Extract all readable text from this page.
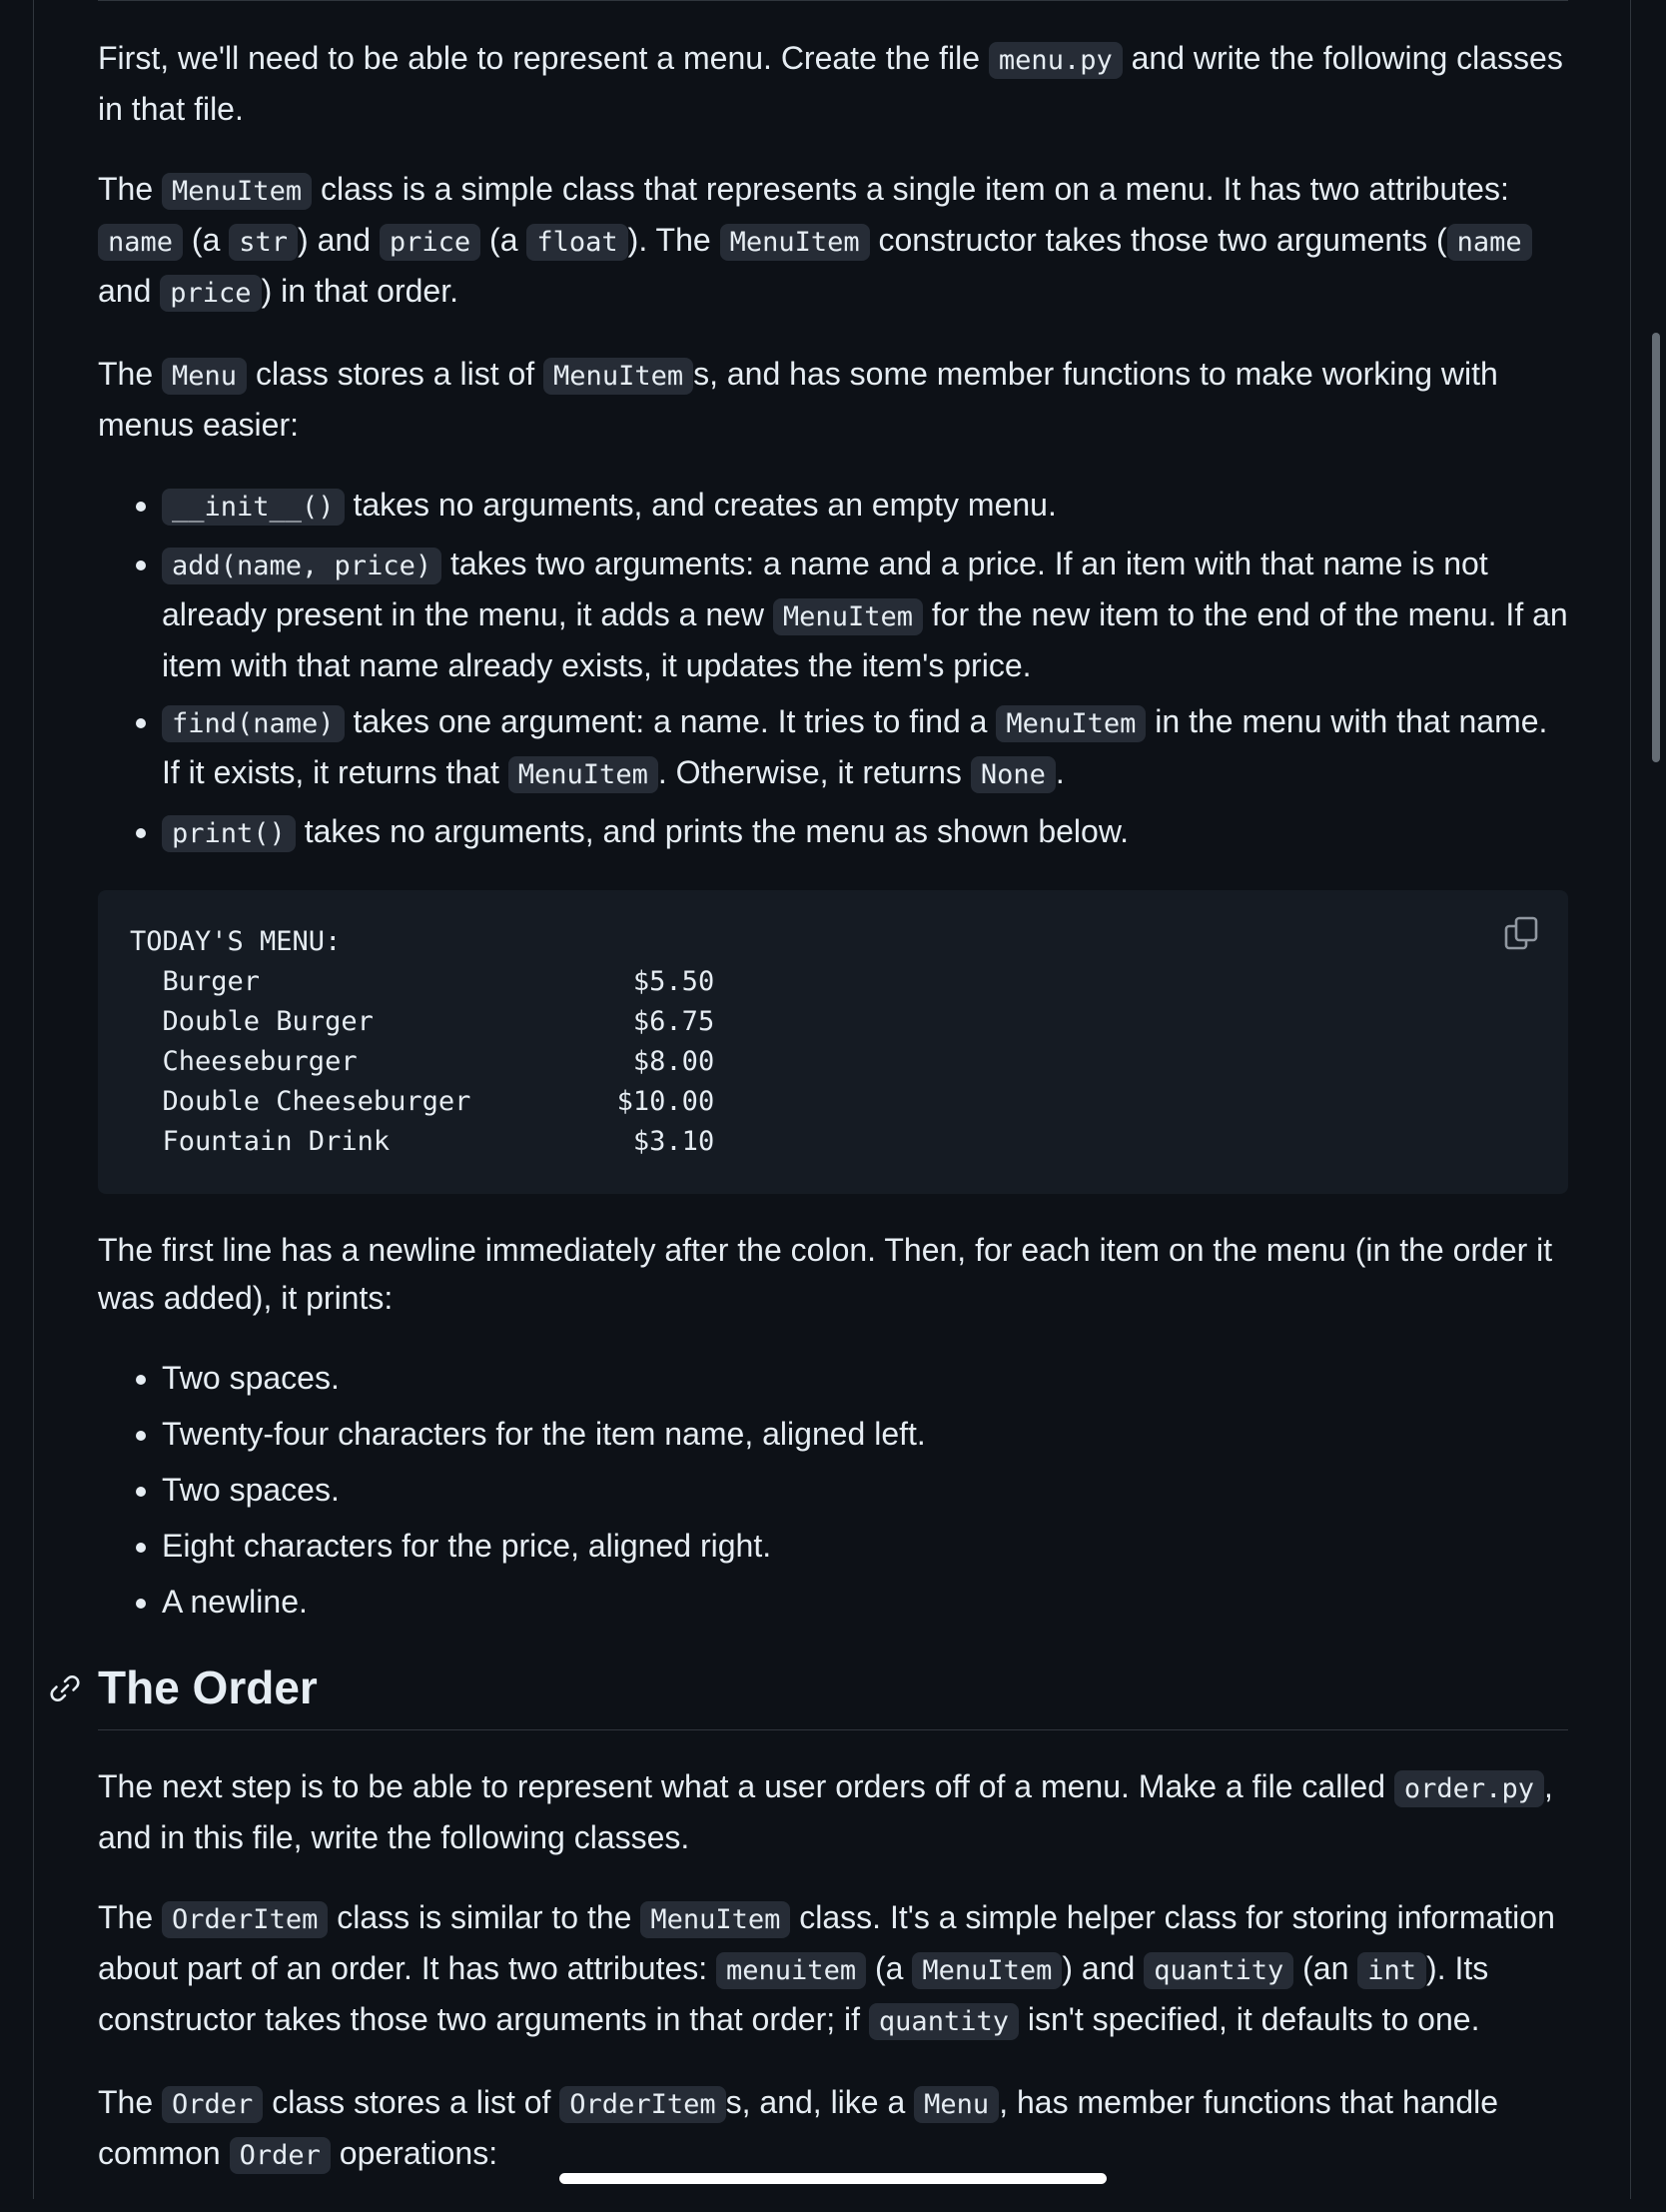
First, we'll need to be able to represent a menu. Create the file menu.py and write the following classes in that file.

The MenuItem class is a simple class that represents a single item on a menu. It has two attributes: name (a str ) and price (a float ). The MenuItem constructor takes those two arguments ( name and price ) in that order.

The Menu class stores a list of MenuItem s, and has some member functions to make working with menus easier:

• __init__() takes no arguments, and creates an empty menu.
• add(name, price) takes two arguments: a name and a price. If an item with that name is not already present in the menu, it adds a new MenuItem for the new item to the end of the menu. If an item with that name already exists, it updates the item's price.
• find(name) takes one argument: a name. It tries to find a MenuItem in the menu with that name. If it exists, it returns that MenuItem . Otherwise, it returns None .
• print() takes no arguments, and prints the menu as shown below.
TODAY'S MENU:
Burger                       $5.50
Double Burger                $6.75
Cheeseburger                 $8.00
Double Cheeseburger         $10.00
Fountain Drink               $3.10

The first line has a newline immediately after the colon. Then, for each item on the menu (in the order it was added), it prints:

• Two spaces.
• Twenty-four characters for the item name, aligned left.
• Two spaces.
• Eight characters for the price, aligned right.
• A newline.
The Order

The next step is to be able to represent what a user orders off of a menu. Make a file called order.py , and in this file, write the following classes.

The OrderItem class is similar to the MenuItem class. It's a simple helper class for storing information about part of an order. It has two attributes: menuitem (a MenuItem ) and quantity (an int ). Its constructor takes those two arguments in that order; if quantity isn't specified, it defaults to one.

The Order class stores a list of OrderItem s, and, like a Menu , has member functions that handle common Order operations:
